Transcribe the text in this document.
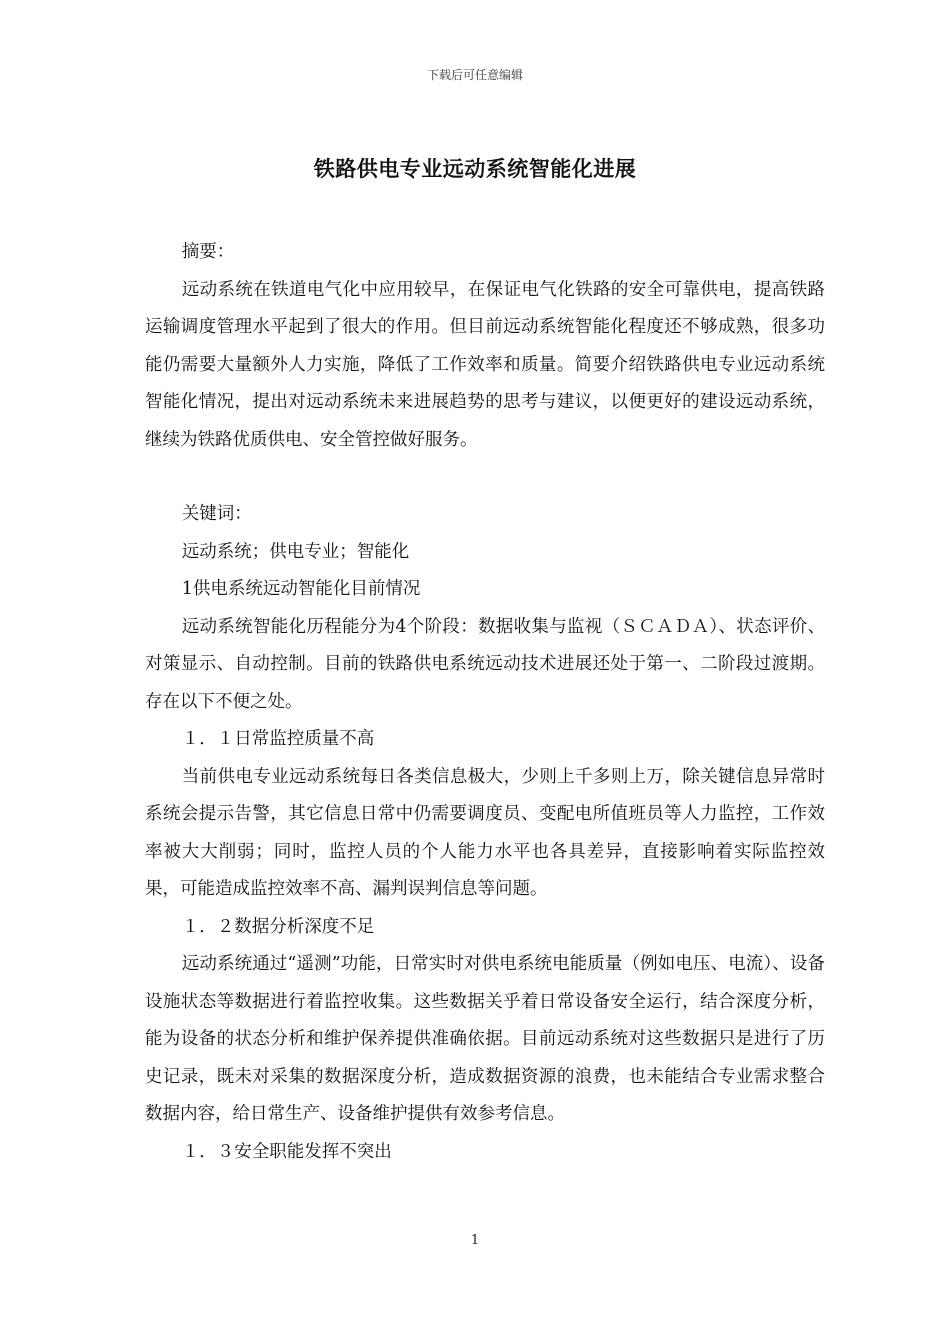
下载后可任意编辑
铁路供电专业远动系统智能化进展

摘要：

远动系统在铁道电气化中应用较早，在保证电气化铁路的安全可靠供电，提高铁路运输调度管理水平起到了很大的作用。但目前远动系统智能化程度还不够成熟，很多功能仍需要大量额外人力实施，降低了工作效率和质量。简要介绍铁路供电专业远动系统智能化情况，提出对远动系统未来进展趋势的思考与建议，以便更好的建设远动系统，继续为铁路优质供电、安全管控做好服务。

关键词：

远动系统；供电专业；智能化

1供电系统远动智能化目前情况

远动系统智能化历程能分为4个阶段：数据收集与监视（ＳＣＡＤＡ）、状态评价、对策显示、自动控制。目前的铁路供电系统远动技术进展还处于第一、二阶段过渡期。存在以下不便之处。

１．１日常监控质量不高

当前供电专业远动系统每日各类信息极大，少则上千多则上万，除关键信息异常时系统会提示告警，其它信息日常中仍需要调度员、变配电所值班员等人力监控，工作效率被大大削弱；同时，监控人员的个人能力水平也各具差异，直接影响着实际监控效果，可能造成监控效率不高、漏判误判信息等问题。

１．２数据分析深度不足

远动系统通过“遥测”功能，日常实时对供电系统电能质量（例如电压、电流）、设备设施状态等数据进行着监控收集。这些数据关乎着日常设备安全运行，结合深度分析，能为设备的状态分析和维护保养提供准确依据。目前远动系统对这些数据只是进行了历史记录，既未对采集的数据深度分析，造成数据资源的浪费，也未能结合专业需求整合数据内容，给日常生产、设备维护提供有效参考信息。

１．３安全职能发挥不突出

1
